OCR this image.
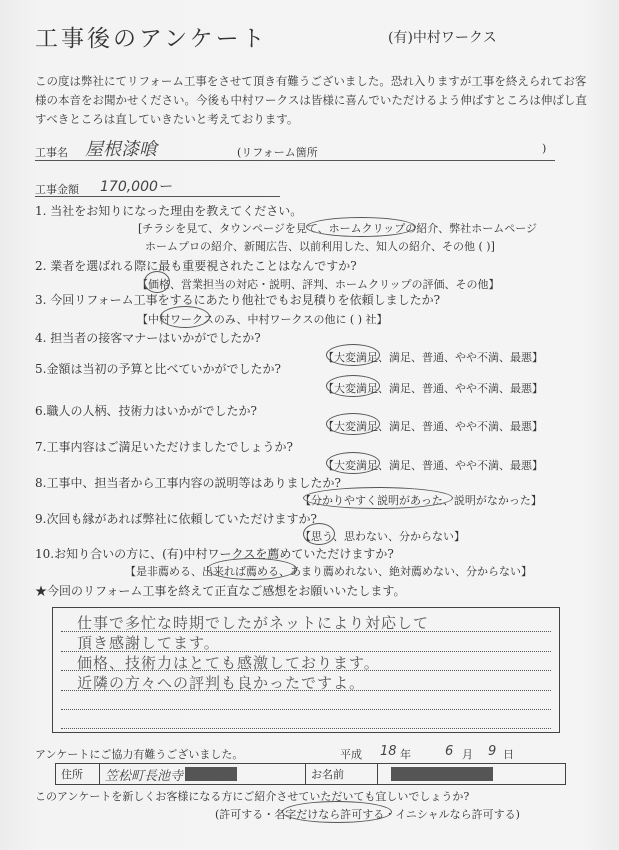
工事後のアンケート	(有)中村ワークス
この度は弊社にてリフォーム工事をさせて頂き有難うございました。恐れ入りますが工事を終えられてお客様の本音をお聞かせください。今後も中村ワークスは皆様に喜んでいただけるよう伸ばすところは伸ばし直すべきところは直していきたいと考えております。
工事名 屋根漆喰	(リフォーム箇所	)
工事金額 170,000ー
1. 当社をお知りになった理由を教えてください。
[チラシを見て、タウンページを見て、ホームクリップの紹介、弊社ホームページ
ホームプロの紹介、新聞広告、以前利用した、知人の紹介、その他 ( )]
2. 業者を選ばれる際に最も重要視されたことはなんですか?
【価格、営業担当の対応・説明、評判、ホームクリップの評価、その他】
3. 今回リフォーム工事をするにあたり他社でもお見積りを依頼しましたか?
【中村ワークスのみ、中村ワークスの他に ( ) 社】
4. 担当者の接客マナーはいかがでしたか?
【大変満足、満足、普通、やや不満、最悪】
5.金額は当初の予算と比べていかがでしたか?
【大変満足、満足、普通、やや不満、最悪】
6.職人の人柄、技術力はいかがでしたか?
【大変満足、満足、普通、やや不満、最悪】
7.工事内容はご満足いただけましたでしょうか?
【大変満足、満足、普通、やや不満、最悪】
8.工事中、担当者から工事内容の説明等はありましたか?
【分かりやすく説明があった、説明がなかった】
9.次回も縁があれば弊社に依頼していただけますか?
【思う、思わない、分からない】
10.お知り合いの方に、(有)中村ワークスを薦めていただけますか?
【是非薦める、出来れば薦める、あまり薦めれない、絶対薦めない、分からない】
★今回のリフォーム工事を終えて正直なご感想をお願いいたします。
仕事で多忙な時期でしたがネットにより対応して
頂き感謝してます。
価格、技術力はとても感激しております。
近隣の方々への評判も良かったですよ。
アンケートにご協力有難うございました。	平成 18 年	6 月 9 日
住所	笠松町長池寺	お名前
このアンケートを新しくお客様になる方にご紹介させていただいても宜しいでしょうか?
(許可する・名字だけなら許可する・イニシャルなら許可する)
